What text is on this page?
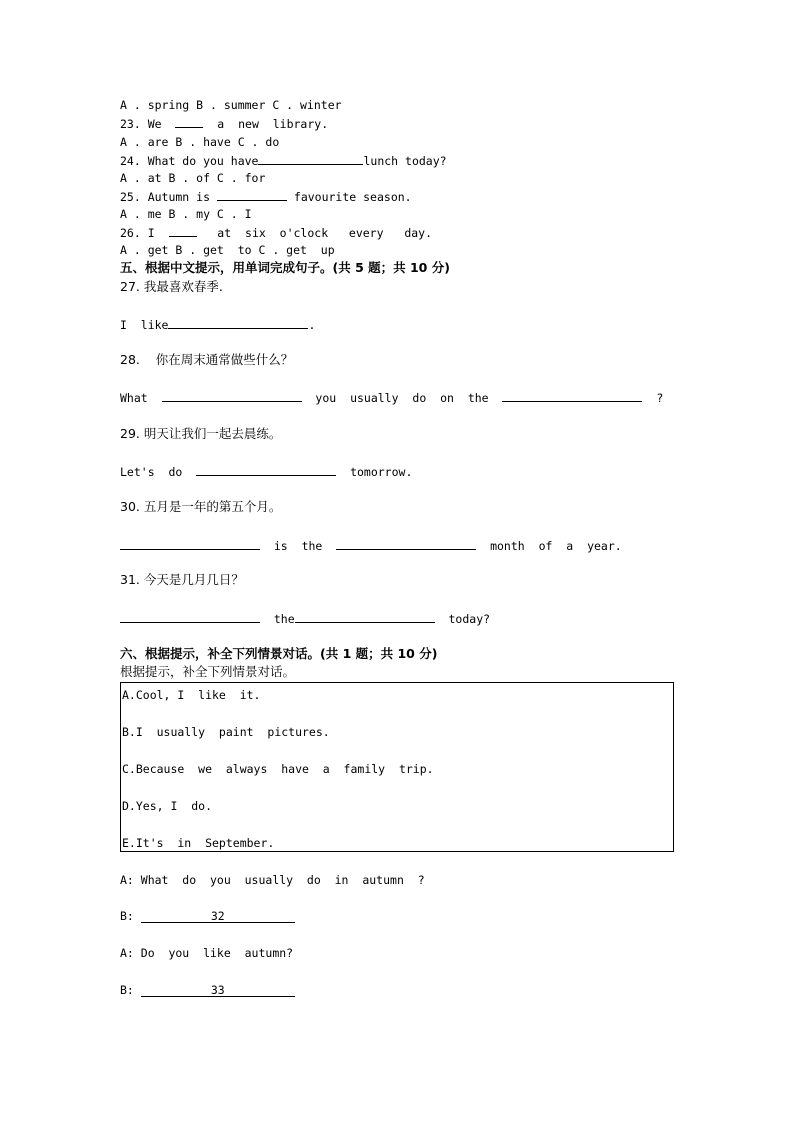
A . spring B . summer C . winter
23. We	a new library.
A . are B . have C . do
24. What do you have	lunch today?
A . at B . of C . for
25. Autumn is	favourite season.
A . me B . my C . I
26. I	at six o'clock every day.
A . get B . get  to C . get  up
五、根据中文提示，用单词完成句子。(共 5 题；共 10 分)
27. 我最喜欢春季.
I  like	.
28.    你在周末通常做些什么？
What	you usually do on the	?
29. 明天让我们一起去晨练。
Let's do	tomorrow.
30. 五月是一年的第五个月。
is the	month of a year.
31. 今天是几月几日？
the	today?
六、根据提示，补全下列情景对话。(共 1 题；共 10 分)
根据提示，补全下列情景对话。
A.Cool, I  like  it.
B.I  usually  paint  pictures.
C.Because  we  always  have  a  family  trip.
D.Yes, I  do.
E.It's  in  September.
A: What  do  you  usually  do  in  autumn  ?
B:	32
A: Do  you  like  autumn?
B:	33
